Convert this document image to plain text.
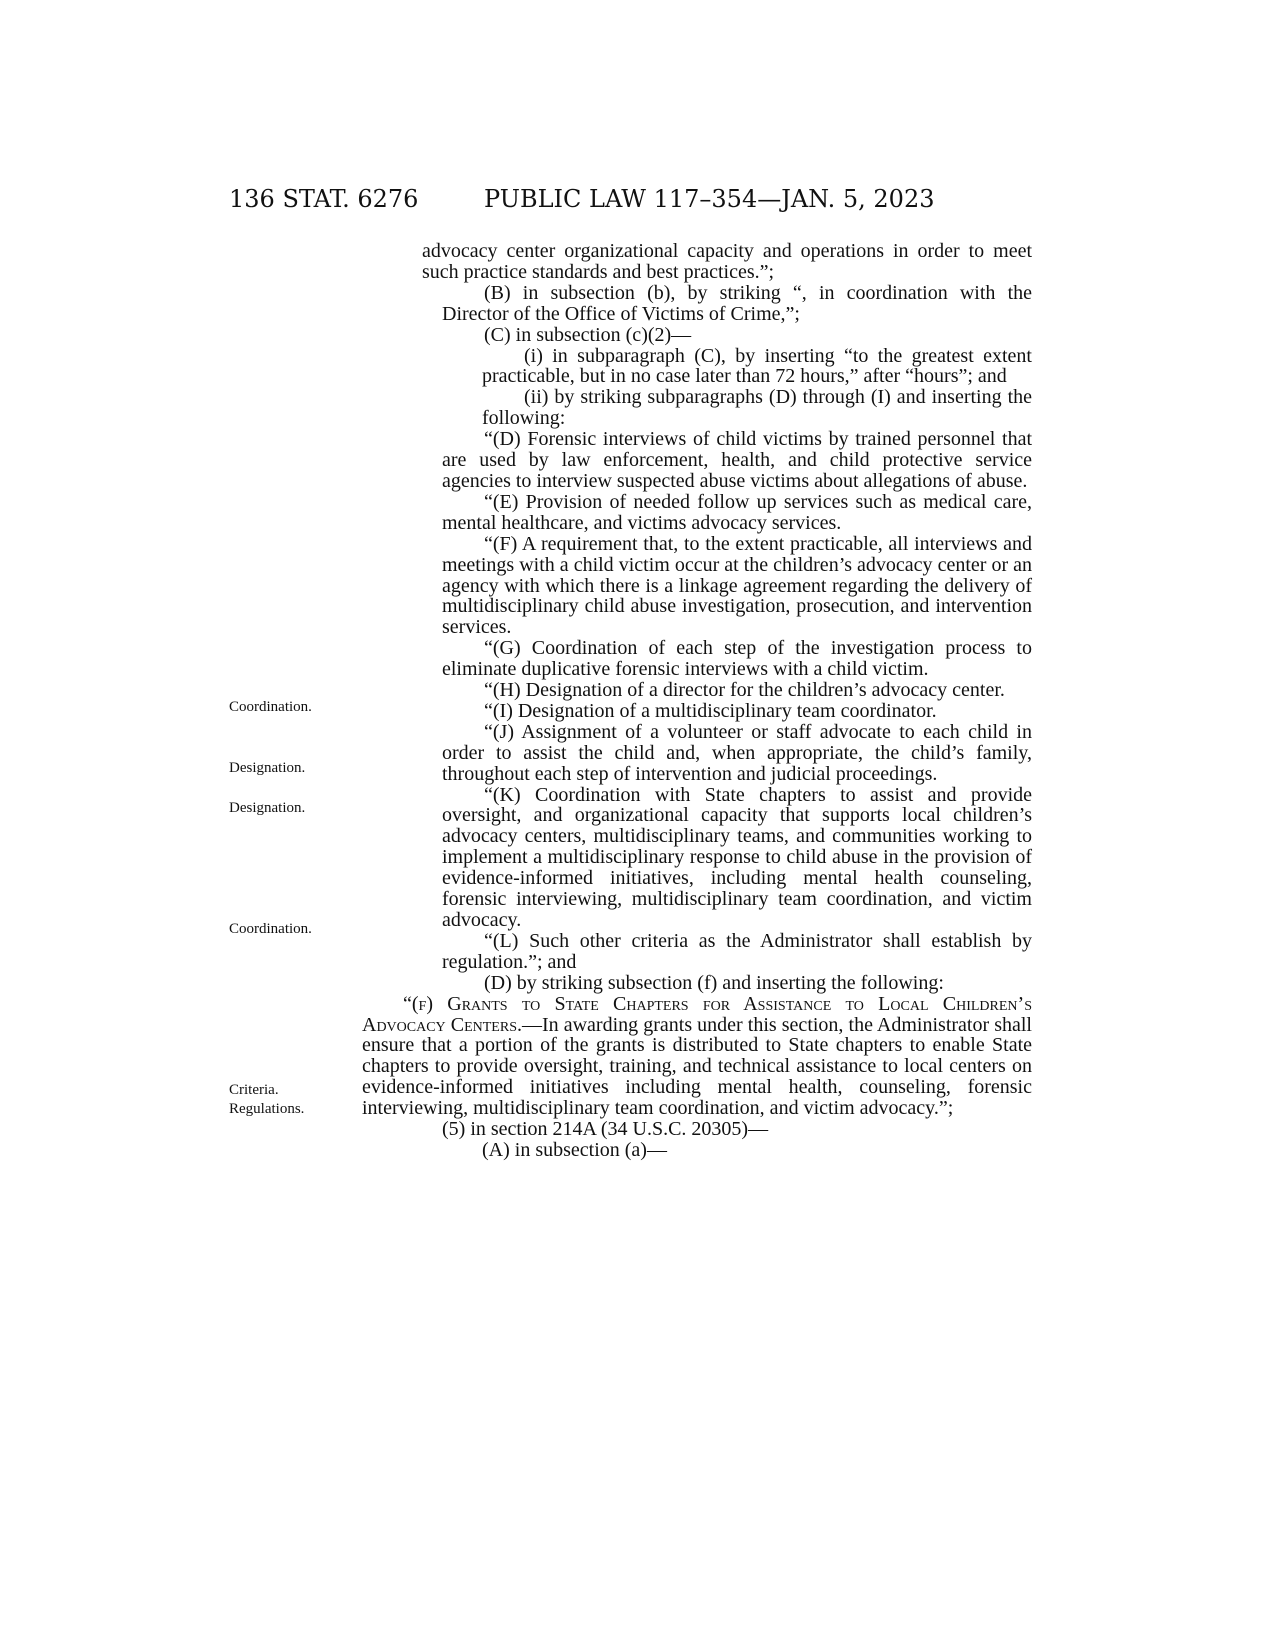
136 STAT. 6276	PUBLIC LAW 117–354—JAN. 5, 2023
Coordination.
Designation.
Designation.
Coordination.
Criteria.
Regulations.

advocacy center organizational capacity and operations in order to meet such practice standards and best practices.”;

(B) in subsection (b), by striking “, in coordination with the Director of the Office of Victims of Crime,”;

(C) in subsection (c)(2)—

(i) in subparagraph (C), by inserting “to the greatest extent practicable, but in no case later than 72 hours,” after “hours”; and

(ii) by striking subparagraphs (D) through (I) and inserting the following:

“(D) Forensic interviews of child victims by trained personnel that are used by law enforcement, health, and child protective service agencies to interview suspected abuse victims about allegations of abuse.

“(E) Provision of needed follow up services such as medical care, mental healthcare, and victims advocacy services.

“(F) A requirement that, to the extent practicable, all interviews and meetings with a child victim occur at the children’s advocacy center or an agency with which there is a linkage agreement regarding the delivery of multidisciplinary child abuse investigation, prosecution, and intervention services.

“(G) Coordination of each step of the investigation process to eliminate duplicative forensic interviews with a child victim.

“(H) Designation of a director for the children’s advocacy center.

“(I) Designation of a multidisciplinary team coordinator.

“(J) Assignment of a volunteer or staff advocate to each child in order to assist the child and, when appropriate, the child’s family, throughout each step of intervention and judicial proceedings.

“(K) Coordination with State chapters to assist and provide oversight, and organizational capacity that supports local children’s advocacy centers, multidisciplinary teams, and communities working to implement a multidisciplinary response to child abuse in the provision of evidence-informed initiatives, including mental health counseling, forensic interviewing, multidisciplinary team coordination, and victim advocacy.

“(L) Such other criteria as the Administrator shall establish by regulation.”; and

(D) by striking subsection (f) and inserting the following:

“(f) Grants to State Chapters for Assistance to Local Children’s Advocacy Centers.—In awarding grants under this section, the Administrator shall ensure that a portion of the grants is distributed to State chapters to enable State chapters to provide oversight, training, and technical assistance to local centers on evidence-informed initiatives including mental health, counseling, forensic interviewing, multidisciplinary team coordination, and victim advocacy.”;

(5) in section 214A (34 U.S.C. 20305)—

(A) in subsection (a)—
